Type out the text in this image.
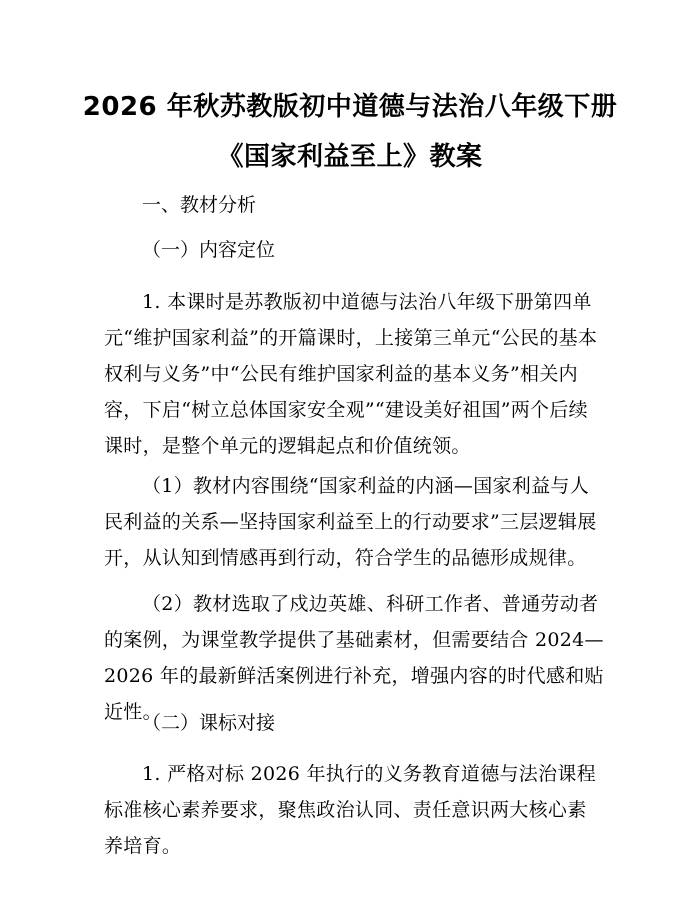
2026 年秋苏教版初中道德与法治八年级下册
《国家利益至上》教案

一、教材分析

（一）内容定位

1. 本课时是苏教版初中道德与法治八年级下册第四单元“维护国家利益”的开篇课时，上接第三单元“公民的基本权利与义务”中“公民有维护国家利益的基本义务”相关内容，下启“树立总体国家安全观”“建设美好祖国”两个后续课时，是整个单元的逻辑起点和价值统领。

（1）教材内容围绕“国家利益的内涵—国家利益与人民利益的关系—坚持国家利益至上的行动要求”三层逻辑展开，从认知到情感再到行动，符合学生的品德形成规律。

（2）教材选取了戍边英雄、科研工作者、普通劳动者的案例，为课堂教学提供了基础素材，但需要结合 2024—2026 年的最新鲜活案例进行补充，增强内容的时代感和贴近性。

（二）课标对接

1. 严格对标 2026 年执行的义务教育道德与法治课程标准核心素养要求，聚焦政治认同、责任意识两大核心素养培育。
